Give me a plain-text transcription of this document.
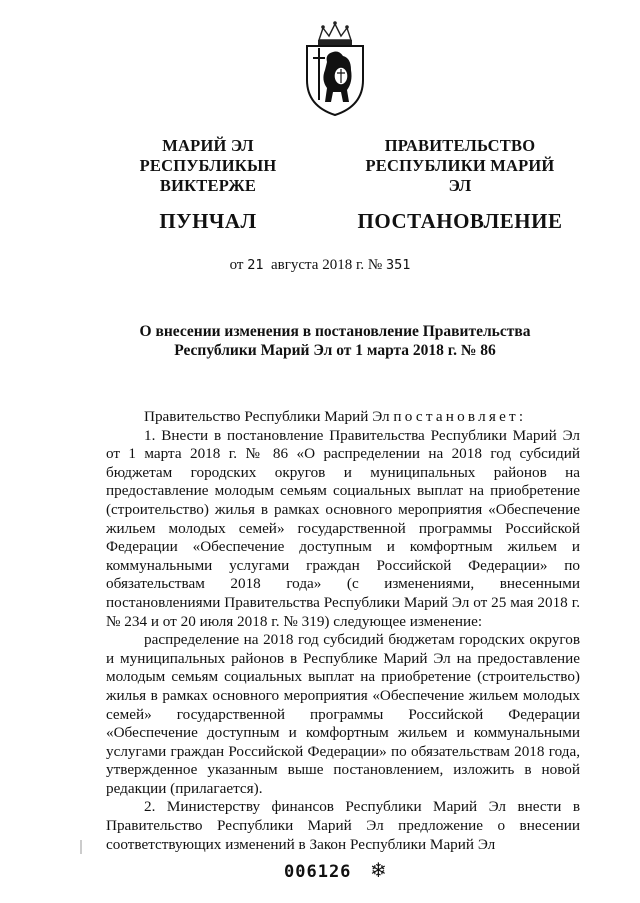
МАРИЙ ЭЛ РЕСПУБЛИКЫН
ВИКТЕРЖЕ
ПУНЧАЛ
ПРАВИТЕЛЬСТВО
РЕСПУБЛИКИ МАРИЙ ЭЛ
ПОСТАНОВЛЕНИЕ
от 21 августа 2018 г. № 351
О внесении изменения в постановление Правительства
Республики Марий Эл от 1 марта 2018 г. № 86

Правительство Республики Марий Эл постановляет:

1. Внести в постановление Правительства Республики Марий Эл от 1 марта 2018 г. № 86 «О распределении на 2018 год субсидий бюджетам городских округов и муниципальных районов на предоставление молодым семьям социальных выплат на приобретение (строительство) жилья в рамках основного мероприятия «Обеспечение жильем молодых семей» государственной программы Российской Федерации «Обеспечение доступным и комфортным жильем и коммунальными услугами граждан Российской Федерации» по обязательствам 2018 года» (с изменениями, внесенными постановлениями Правительства Республики Марий Эл от 25 мая 2018 г. № 234 и от 20 июля 2018 г. № 319) следующее изменение:

распределение на 2018 год субсидий бюджетам городских округов и муниципальных районов в Республике Марий Эл на предоставление молодым семьям социальных выплат на приобретение (строительство) жилья в рамках основного мероприятия «Обеспечение жильем молодых семей» государственной программы Российской Федерации «Обеспечение доступным и комфортным жильем и коммунальными услугами граждан Российской Федерации» по обязательствам 2018 года, утвержденное указанным выше постановлением, изложить в новой редакции (прилагается).

2. Министерству финансов Республики Марий Эл внести в Правительство Республики Марий Эл предложение о внесении соответствующих изменений в Закон Республики Марий Эл

006126 ❄
